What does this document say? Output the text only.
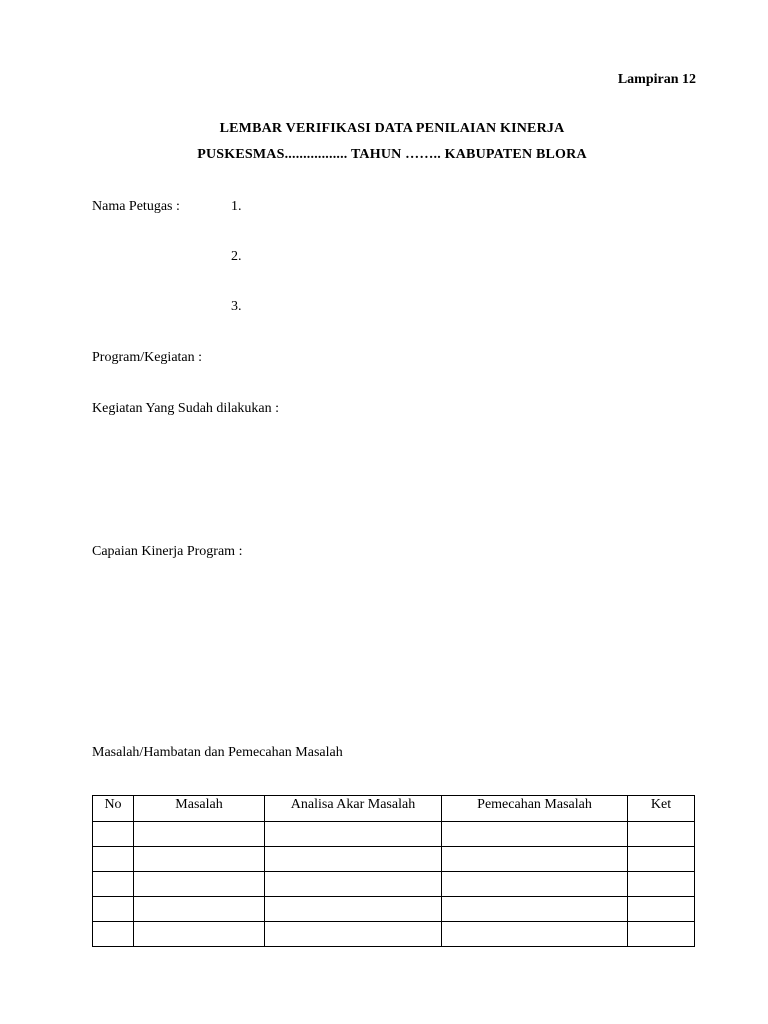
Lampiran 12
LEMBAR VERIFIKASI DATA PENILAIAN KINERJA
PUSKESMAS................. TAHUN …….. KABUPATEN BLORA
Nama Petugas :	1.
2.
3.
Program/Kegiatan :
Kegiatan Yang Sudah dilakukan :
Capaian Kinerja Program :
Masalah/Hambatan dan Pemecahan Masalah
No	Masalah	Analisa Akar Masalah	Pemecahan Masalah	Ket
